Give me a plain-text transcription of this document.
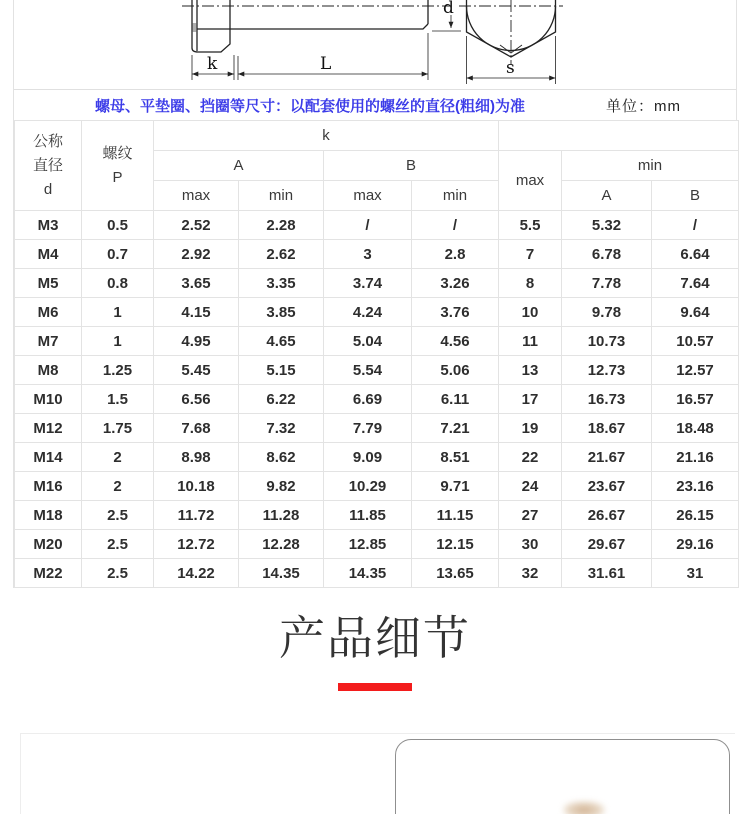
d
k	L	s
螺母、平垫圈、挡圈等尺寸：以配套使用的螺丝的直径(粗细)为准	单位：mm
公称
直径
d	螺纹
P	k						
		A		B		max	min	
		max	min	max	min		A	B
M3	0.5	2.52	2.28	/	/	5.5	5.32	/
M4	0.7	2.92	2.62	3	2.8	7	6.78	6.64
M5	0.8	3.65	3.35	3.74	3.26	8	7.78	7.64
M6	1	4.15	3.85	4.24	3.76	10	9.78	9.64
M7	1	4.95	4.65	5.04	4.56	11	10.73	10.57
M8	1.25	5.45	5.15	5.54	5.06	13	12.73	12.57
M10	1.5	6.56	6.22	6.69	6.11	17	16.73	16.57
M12	1.75	7.68	7.32	7.79	7.21	19	18.67	18.48
M14	2	8.98	8.62	9.09	8.51	22	21.67	21.16
M16	2	10.18	9.82	10.29	9.71	24	23.67	23.16
M18	2.5	11.72	11.28	11.85	11.15	27	26.67	26.15
M20	2.5	12.72	12.28	12.85	12.15	30	29.67	29.16
M22	2.5	14.22	14.35	14.35	13.65	32	31.61	31
产品细节
